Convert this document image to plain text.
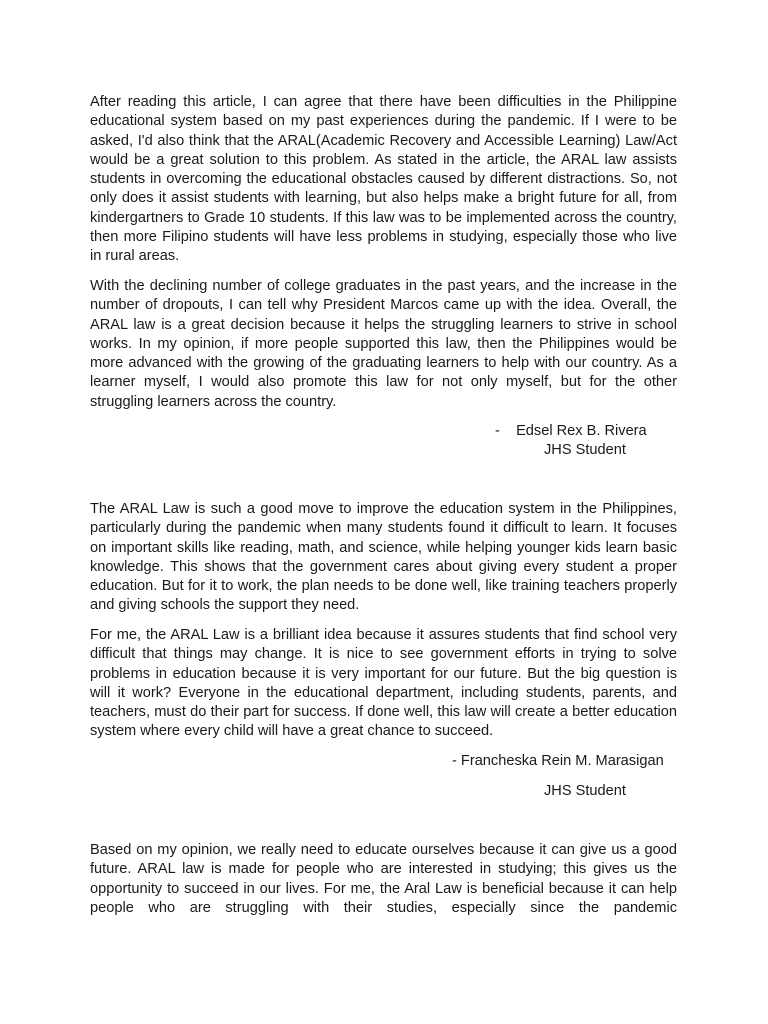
After reading this article, I can agree that there have been difficulties in the Philippine educational system based on my past experiences during the pandemic. If I were to be asked, I'd also think that the ARAL(Academic Recovery and Accessible Learning) Law/Act would be a great solution to this problem. As stated in the article, the ARAL law assists students in overcoming the educational obstacles caused by different distractions. So, not only does it assist students with learning, but also helps make a bright future for all, from kindergartners to Grade 10 students. If this law was to be implemented across the country, then more Filipino students will have less problems in studying, especially those who live in rural areas.

With the declining number of college graduates in the past years, and the increase in the number of dropouts, I can tell why President Marcos came up with the idea. Overall, the ARAL law is a great decision because it helps the struggling learners to strive in school works. In my opinion, if more people supported this law, then the Philippines would be more advanced with the growing of the graduating learners to help with our country. As a learner myself, I would also promote this law for not only myself, but for the other struggling learners across the country.

-    Edsel Rex B. Rivera

JHS Student

The ARAL Law is such a good move to improve the education system in the Philippines, particularly during the pandemic when many students found it difficult to learn. It focuses on important skills like reading, math, and science, while helping younger kids learn basic knowledge. This shows that the government cares about giving every student a proper education. But for it to work, the plan needs to be done well, like training teachers properly and giving schools the support they need.

For me, the ARAL Law is a brilliant idea because it assures students that find school very difficult that things may change. It is nice to see government efforts in trying to solve problems in education because it is very important for our future. But the big question is will it work? Everyone in the educational department, including students, parents, and teachers, must do their part for success. If done well, this law will create a better education system where every child will have a great chance to succeed.

- Francheska Rein M. Marasigan

JHS Student

Based on my opinion, we really need to educate ourselves because it can give us a good future. ARAL law is made for people who are interested in studying; this gives us the opportunity to succeed in our lives. For me, the Aral Law is beneficial because it can help people who are struggling with their studies, especially since the pandemic
